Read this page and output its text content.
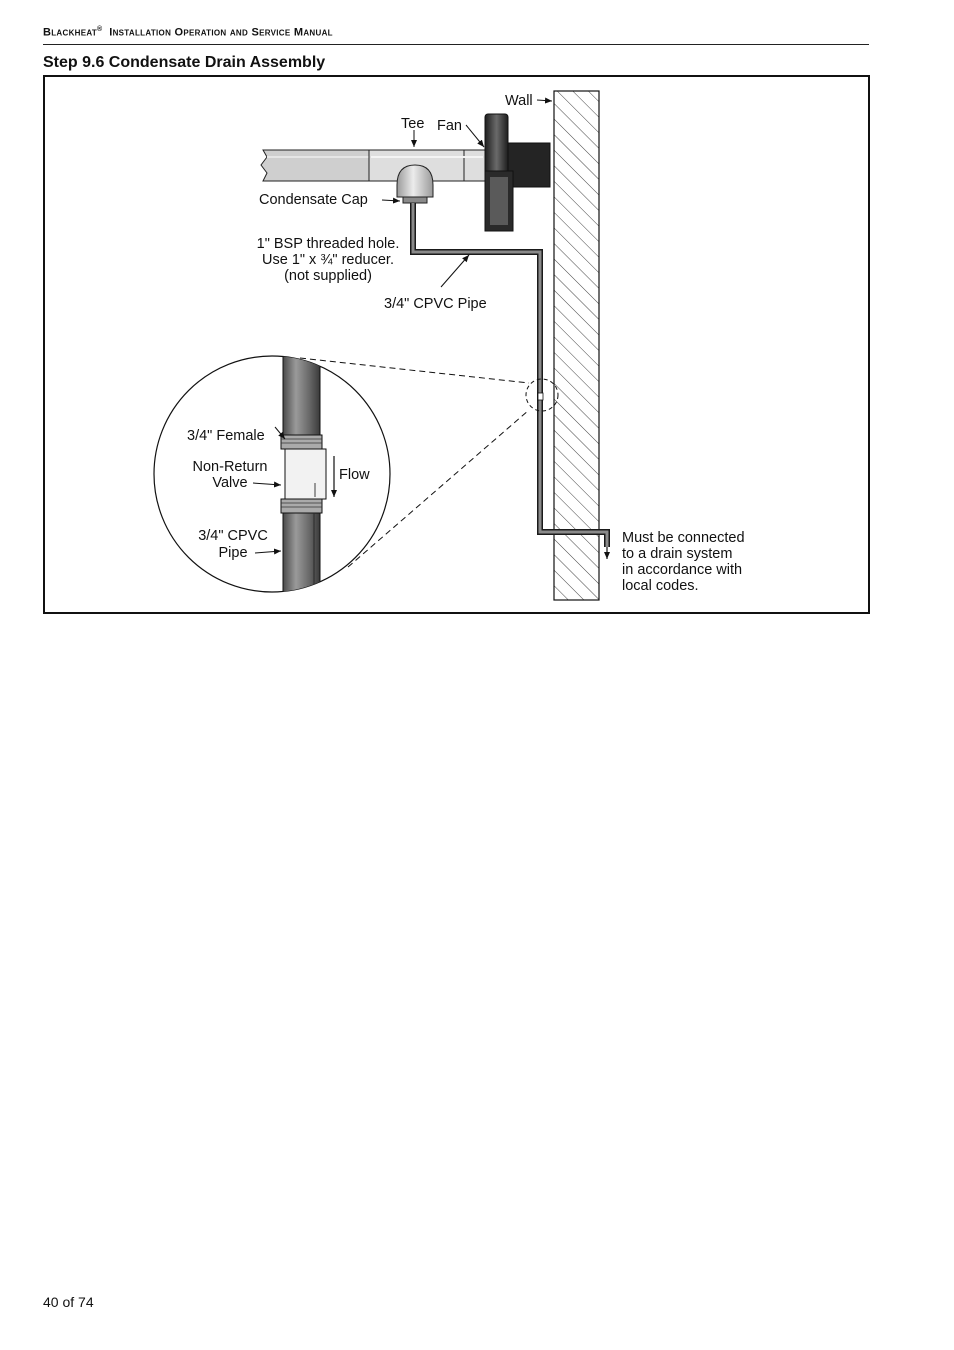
Blackheat® Installation Operation and Service Manual
Step 9.6 Condensate Drain Assembly
Wall
Tee Fan
Condensate Cap
1" BSP threaded hole.
Use 1" x ¾" reducer.
(not supplied)
3/4" CPVC Pipe
3/4" Female
Non-Return
Valve	Flow
3/4" CPVC
Pipe
Must be connected
to a drain system
in accordance with
local codes.
40 of 74
